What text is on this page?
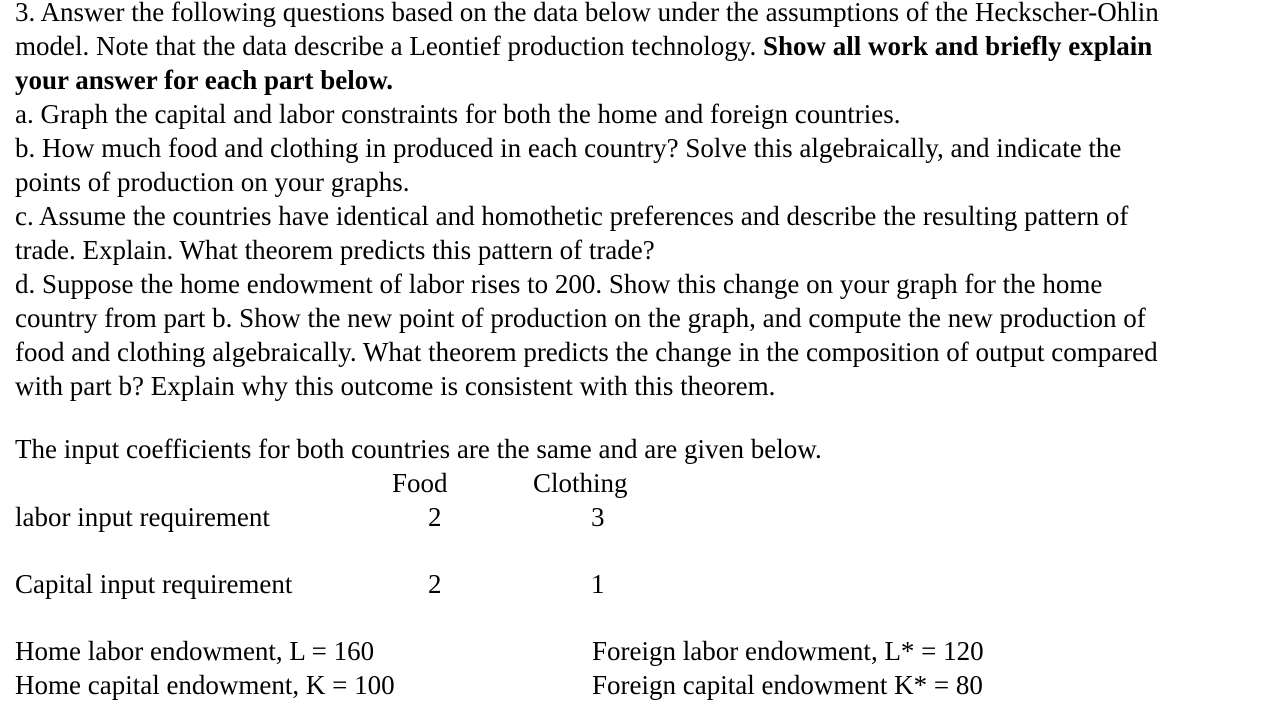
3. Answer the following questions based on the data below under the assumptions of the Heckscher-Ohlin
model. Note that the data describe a Leontief production technology. Show all work and briefly explain
your answer for each part below.
a. Graph the capital and labor constraints for both the home and foreign countries.
b. How much food and clothing in produced in each country? Solve this algebraically, and indicate the
points of production on your graphs.
c. Assume the countries have identical and homothetic preferences and describe the resulting pattern of
trade. Explain. What theorem predicts this pattern of trade?
d. Suppose the home endowment of labor rises to 200. Show this change on your graph for the home
country from part b. Show the new point of production on the graph, and compute the new production of
food and clothing algebraically. What theorem predicts the change in the composition of output compared
with part b? Explain why this outcome is consistent with this theorem.
The input coefficients for both countries are the same and are given below.
Food	Clothing
labor input requirement	2	3
Capital input requirement	2	1
Home labor endowment, L = 160
Home capital endowment, K = 100
Foreign labor endowment, L* = 120
Foreign capital endowment K* = 80
